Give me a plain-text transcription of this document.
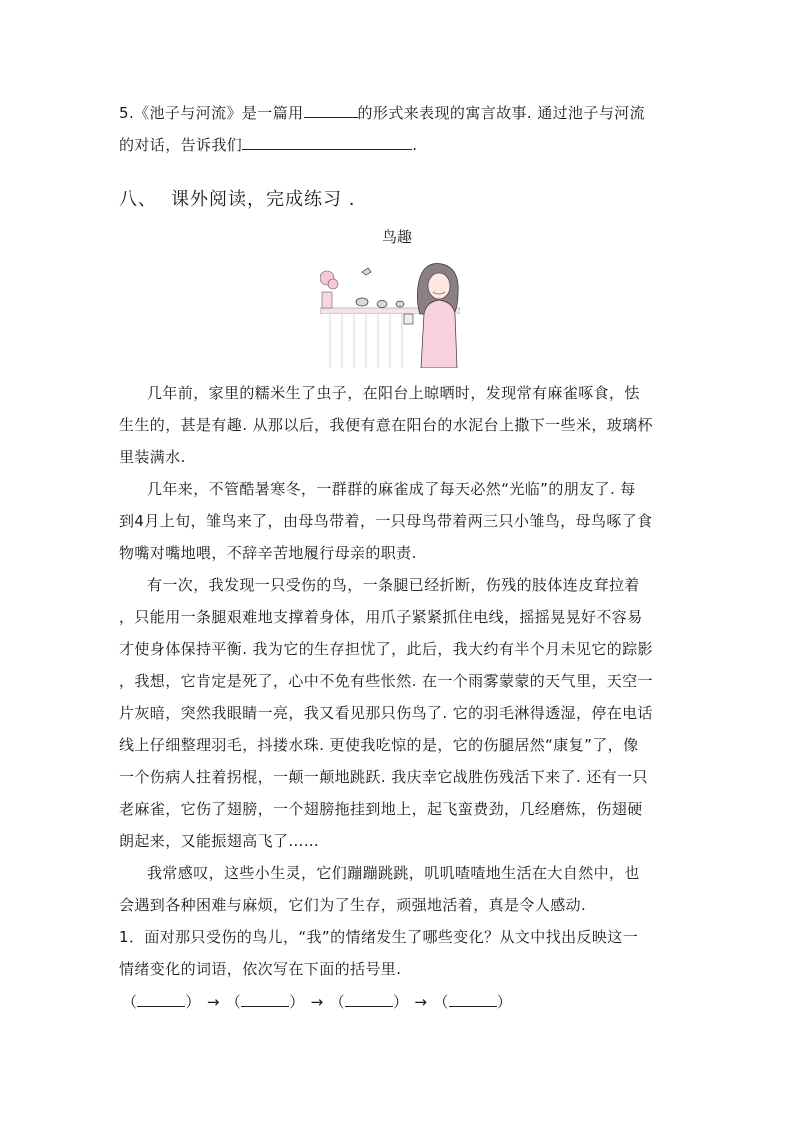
5.《池子与河流》是一篇用	的形式来表现的寓言故事. 通过池子与河流
的对话，告诉我们	.
八、 课外阅读，完成练习 .
鸟趣
几年前，家里的糯米生了虫子，在阳台上晾晒时，发现常有麻雀啄食，怯
生生的，甚是有趣. 从那以后，我便有意在阳台的水泥台上撒下一些米，玻璃杯
里装满水.
几年来，不管酷暑寒冬，一群群的麻雀成了每天必然“光临”的朋友了. 每
到4月上旬，雏鸟来了，由母鸟带着，一只母鸟带着两三只小雏鸟，母鸟啄了食
物嘴对嘴地喂，不辞辛苦地履行母亲的职责.
有一次，我发现一只受伤的鸟，一条腿已经折断，伤残的肢体连皮耷拉着
，只能用一条腿艰难地支撑着身体，用爪子紧紧抓住电线，摇摇晃晃好不容易
才使身体保持平衡. 我为它的生存担忧了，此后，我大约有半个月未见它的踪影
，我想，它肯定是死了，心中不免有些怅然. 在一个雨雾蒙蒙的天气里，天空一
片灰暗，突然我眼睛一亮，我又看见那只伤鸟了. 它的羽毛淋得透湿，停在电话
线上仔细整理羽毛，抖搂水珠. 更使我吃惊的是，它的伤腿居然“康复”了，像
一个伤病人拄着拐棍，一颠一颠地跳跃. 我庆幸它战胜伤残活下来了. 还有一只
老麻雀，它伤了翅膀，一个翅膀拖挂到地上，起飞蛮费劲，几经磨炼，伤翅硬
朗起来，又能振翅高飞了……
我常感叹，这些小生灵，它们蹦蹦跳跳，叽叽喳喳地生活在大自然中，也
会遇到各种困难与麻烦，它们为了生存，顽强地活着，真是令人感动.
1．面对那只受伤的鸟儿，“我”的情绪发生了哪些变化？从文中找出反映这一
情绪变化的词语，依次写在下面的括号里.
（	） → （	） → （	） → （	）
